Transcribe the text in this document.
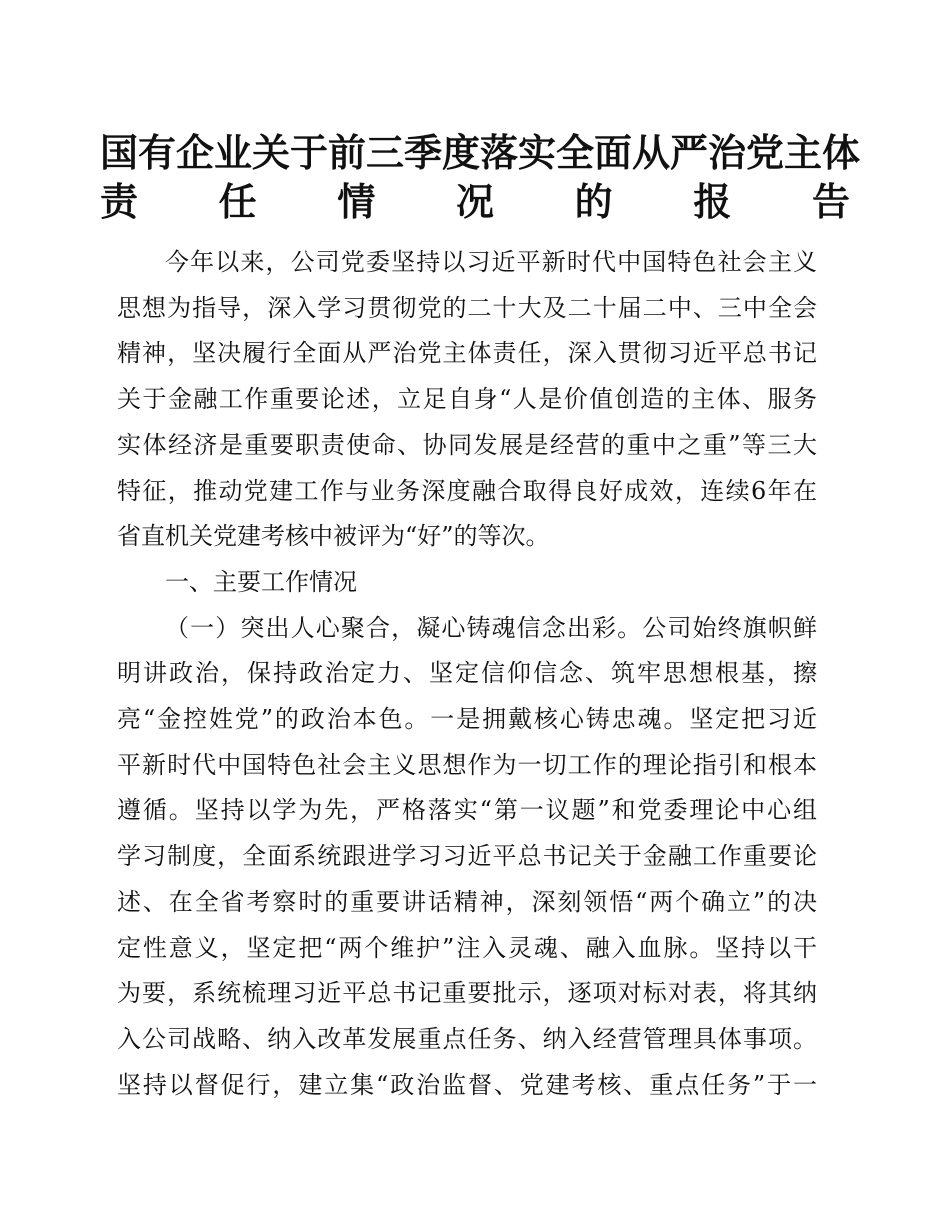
国有企业关于前三季度落实全面从严治党主体
责任情况的报告
今年以来，公司党委坚持以习近平新时代中国特色社会主义
思想为指导，深入学习贯彻党的二十大及二十届二中、三中全会
精神，坚决履行全面从严治党主体责任，深入贯彻习近平总书记
关于金融工作重要论述，立足自身“人是价值创造的主体、服务
实体经济是重要职责使命、协同发展是经营的重中之重”等三大
特征，推动党建工作与业务深度融合取得良好成效，连续6年在
省直机关党建考核中被评为“好”的等次。
一、主要工作情况
（一）突出人心聚合，凝心铸魂信念出彩。公司始终旗帜鲜
明讲政治，保持政治定力、坚定信仰信念、筑牢思想根基，擦
亮“金控姓党”的政治本色。一是拥戴核心铸忠魂。坚定把习近
平新时代中国特色社会主义思想作为一切工作的理论指引和根本
遵循。坚持以学为先，严格落实“第一议题”和党委理论中心组
学习制度，全面系统跟进学习习近平总书记关于金融工作重要论
述、在全省考察时的重要讲话精神，深刻领悟“两个确立”的决
定性意义，坚定把“两个维护”注入灵魂、融入血脉。坚持以干
为要，系统梳理习近平总书记重要批示，逐项对标对表，将其纳
入公司战略、纳入改革发展重点任务、纳入经营管理具体事项。
坚持以督促行，建立集“政治监督、党建考核、重点任务”于一
